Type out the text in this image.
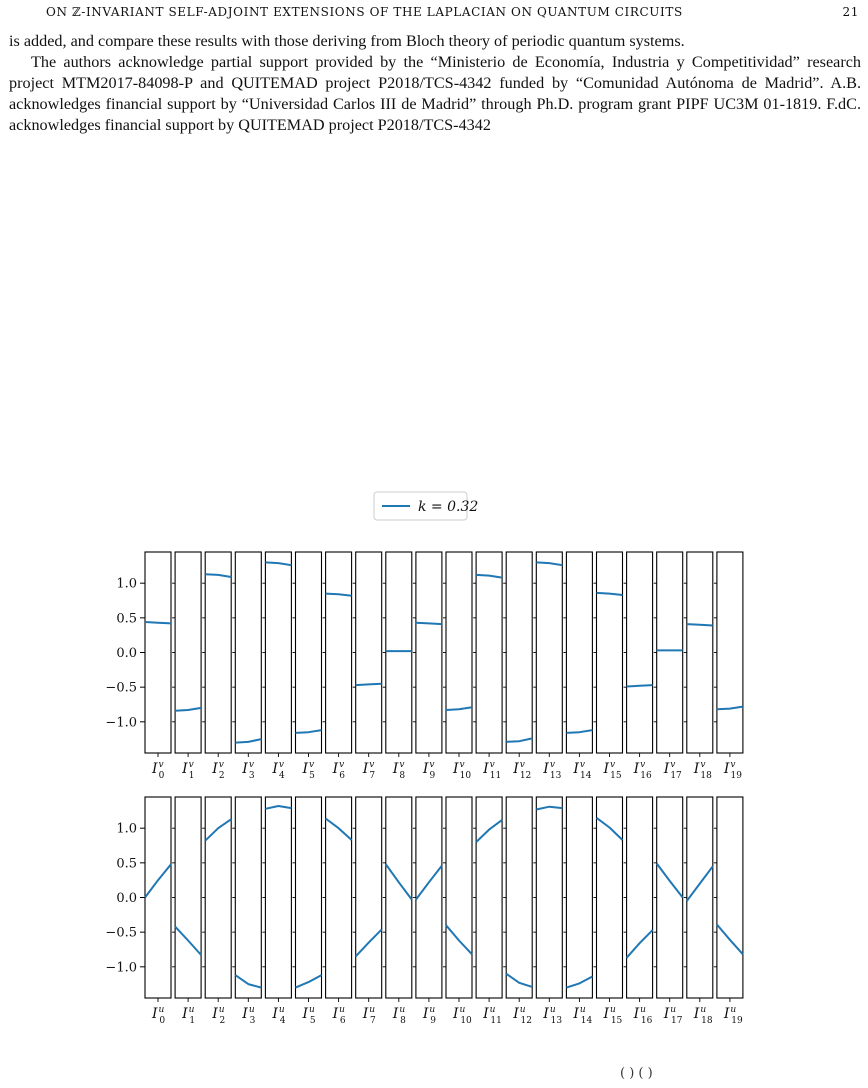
ON ℤ-INVARIANT SELF-ADJOINT EXTENSIONS OF THE LAPLACIAN ON QUANTUM CIRCUITS	21

is added, and compare these results with those deriving from Bloch theory of periodic quantum systems.

The authors acknowledge partial support provided by the “Ministerio de Economía, Industria y Competitividad” research project MTM2017-84098-P and QUITEMAD project P2018/TCS-4342 funded by “Comunidad Autónoma de Madrid”. A.B. acknowledges financial support by “Universidad Carlos III de Madrid” through Ph.D. program grant PIPF UC3M 01-1819. F.dC. acknowledges financial support by QUITEMAD project P2018/TCS-4342

k = 0.32
−1.0
−0.5
0.0
0.5
1.0
$I^v$ 0 $I^v$ 1 $I^v$ 2 $I^v$ 3 $I^v$ 4 $I^v$ 5 $I^v$ 6 $I^v$ 7 $I^v$ 8 $I^v$ 9 $I^v$ 10 $I^v$ 11 $I^v$ 12 $I^v$ 13 $I^v$ 14 $I^v$ 15 $I^v$ 16 $I^v$ 17 $I^v$ 18 $I^v$ 19
−1.0
−0.5
0.0
0.5
1.0
$I^u$ 0 $I^u$ 1 $I^u$ 2 $I^u$ 3 $I^u$ 4 $I^u$ 5 $I^u$ 6 $I^u$ 7 $I^u$ 8 $I^u$ 9 $I^u$ 10 $I^u$ 11 $I^u$ 12 $I^u$ 13 $I^u$ 14 $I^u$ 15 $I^u$ 16 $I^u$ 17 $I^u$ 18 $I^u$ 19
( ) ( )
